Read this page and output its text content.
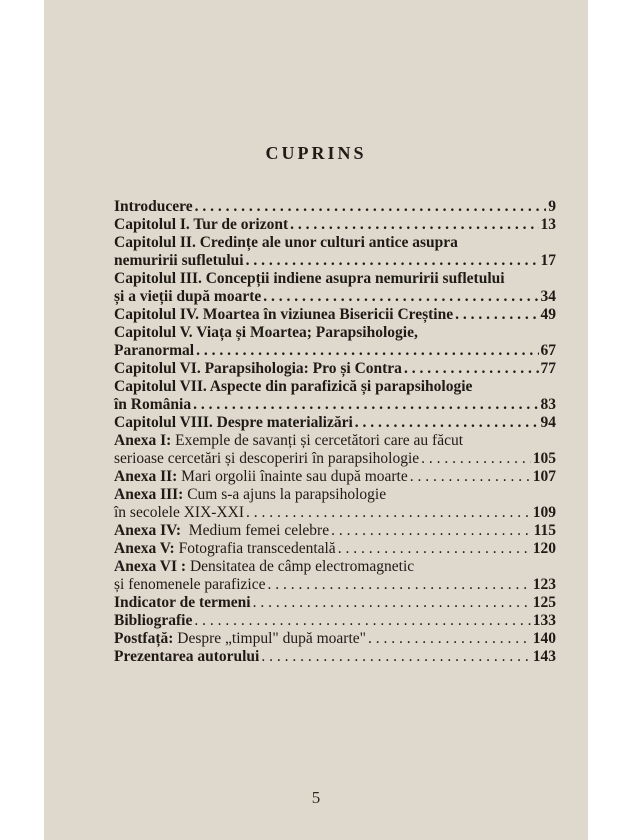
CUPRINS
Introducere . . .	9
Capitolul I. Tur de orizont . . .	13
Capitolul II. Credințe ale unor culturi antice asupra
nemuririi sufletului . . .	17
Capitolul III. Concepții indiene asupra nemuririi sufletului
și a vieții după moarte . . .	34
Capitolul IV. Moartea în viziunea Bisericii Creștine . . .	49
Capitolul V. Viața și Moartea; Parapsihologie,
Paranormal . . .	67
Capitolul VI. Parapsihologia: Pro și Contra . . .	77
Capitolul VII. Aspecte din parafizică și parapsihologie
în România . . .	83
Capitolul VIII. Despre materializări . . .	94
Anexa I: Exemple de savanți și cercetători care au făcut
serioase cercetări și descoperiri în parapsihologie . . .	105
Anexa II: Mari orgolii înainte sau după moarte . . .	107
Anexa III: Cum s-a ajuns la parapsihologie
în secolele XIX-XXI . . .	109
Anexa IV: Medium femei celebre . . .	115
Anexa V: Fotografia transcedentală . . .	120
Anexa VI : Densitatea de câmp electromagnetic
și fenomenele parafizice . . .	123
Indicator de termeni . . .	125
Bibliografie . . .	133
Postfață: Despre „timpul" după moarte" . . .	140
Prezentarea autorului . . .	143
5
